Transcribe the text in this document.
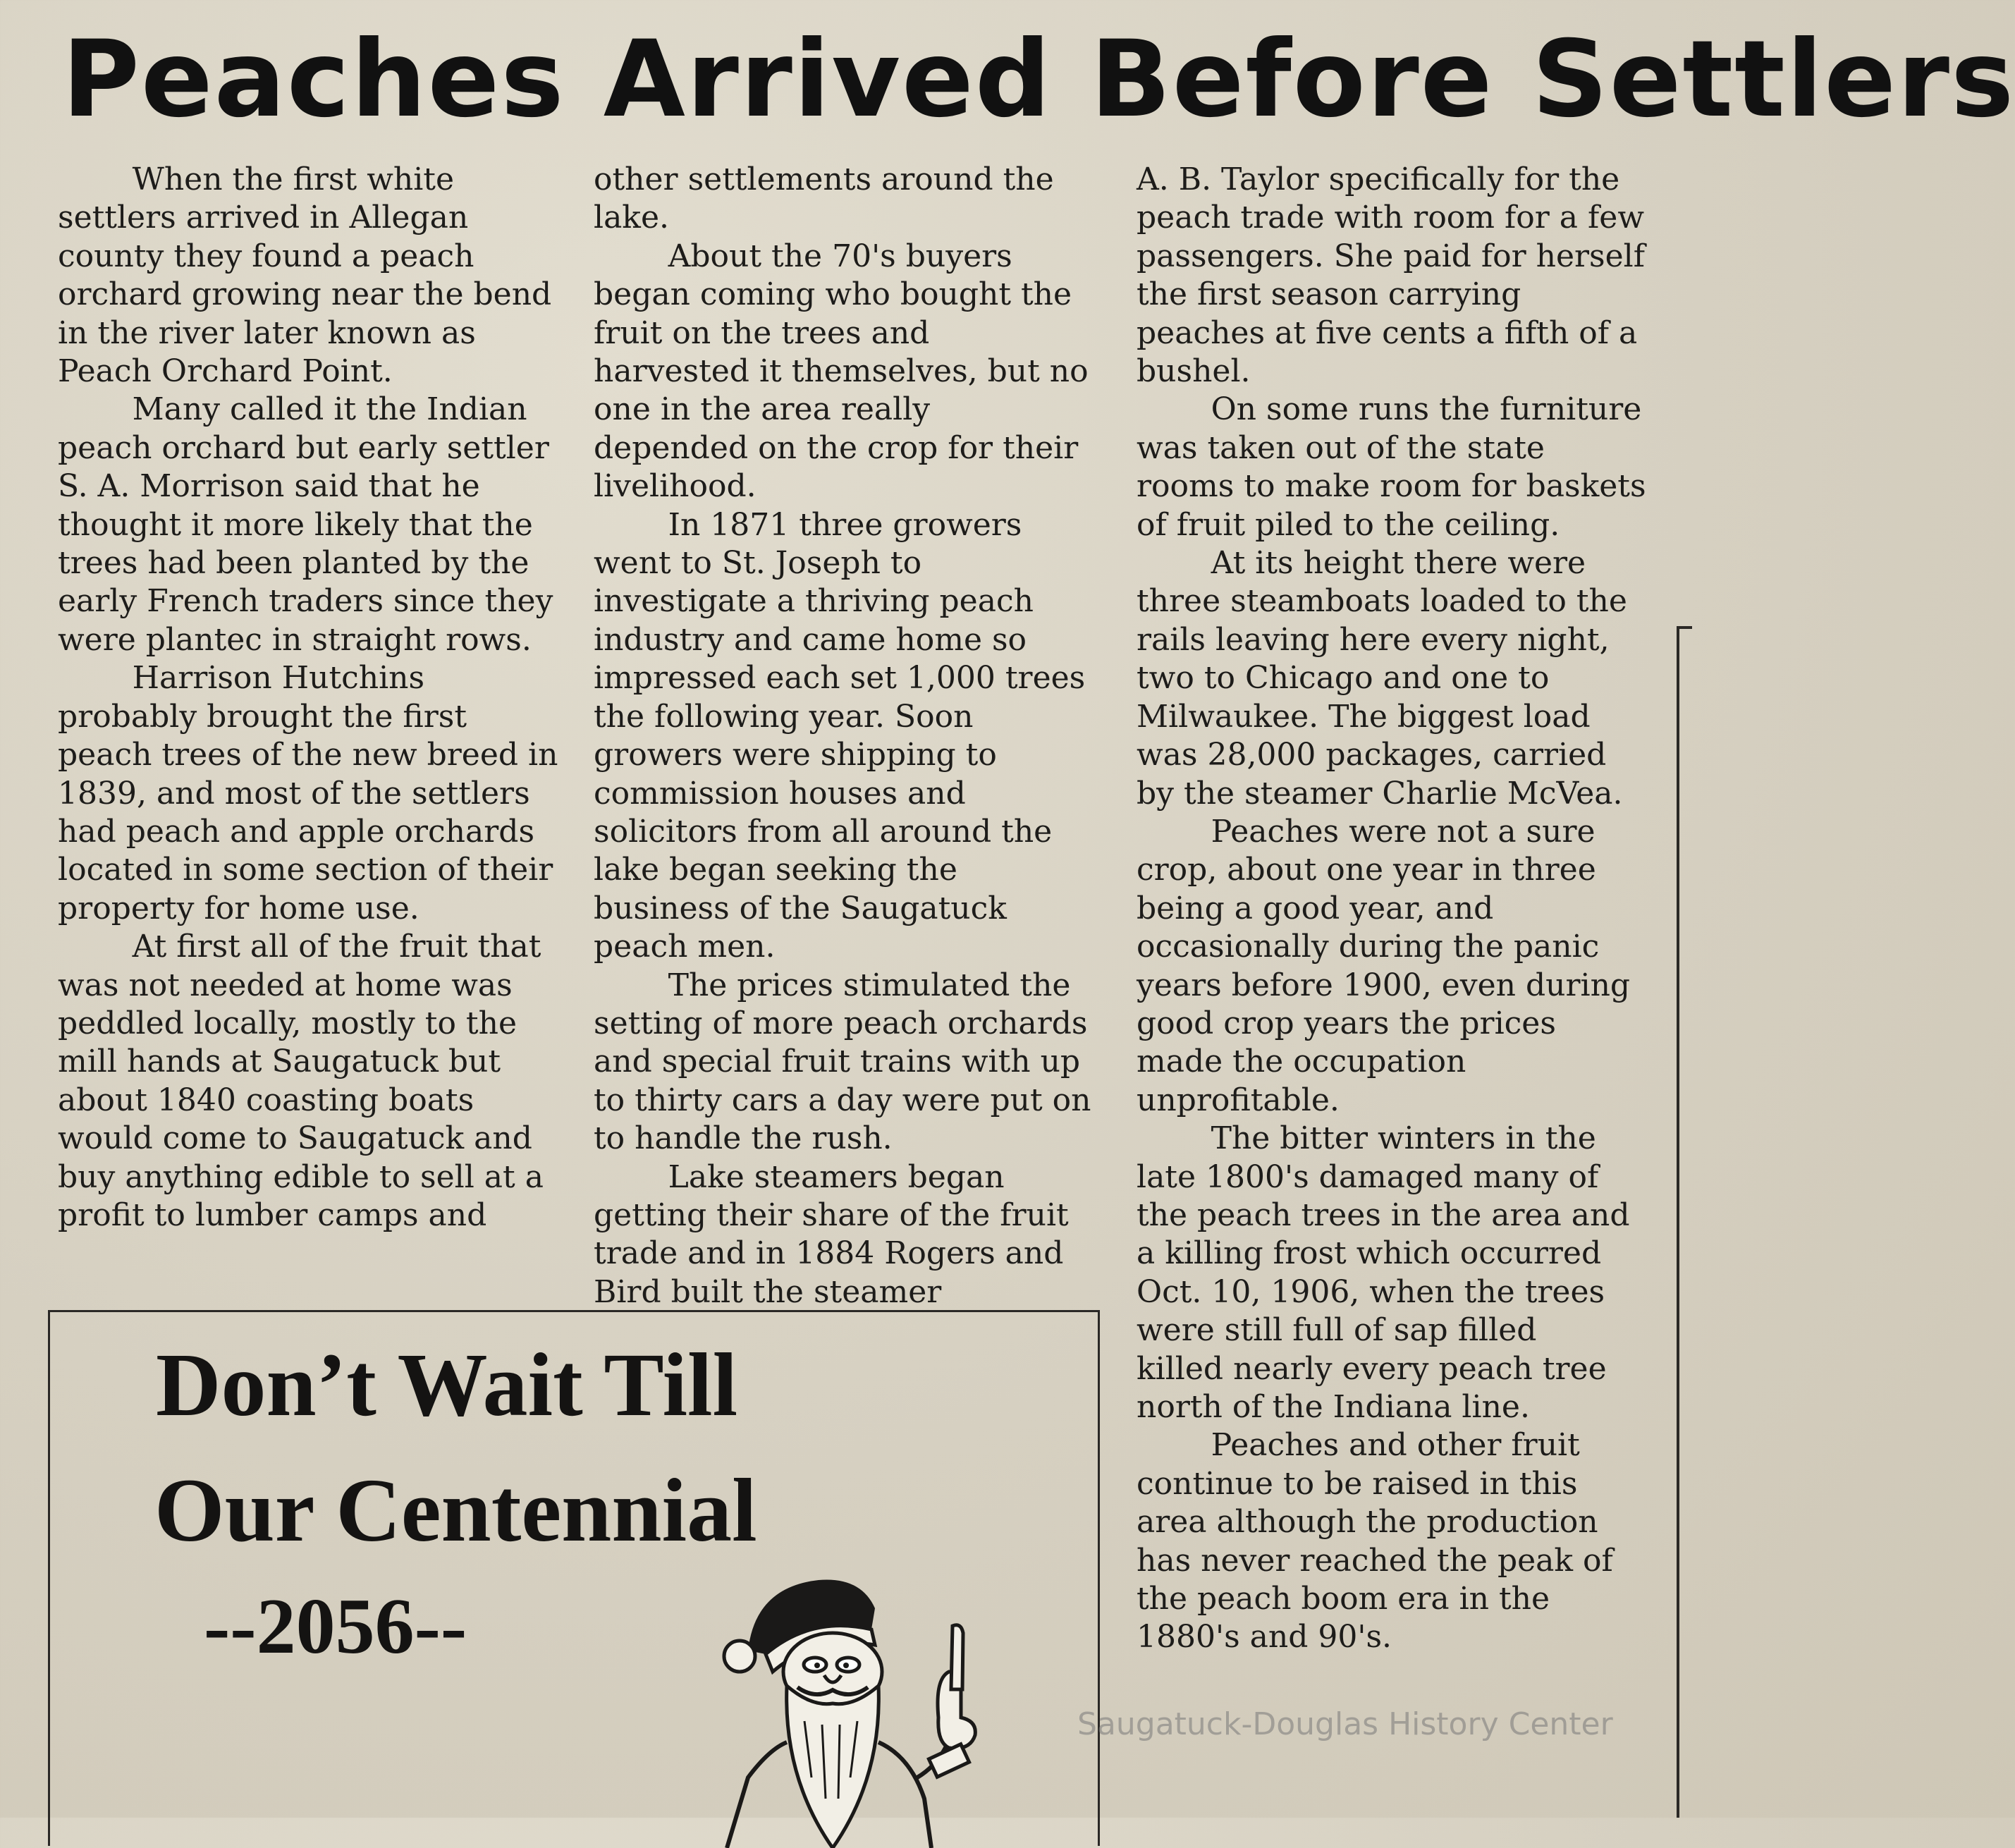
Peaches Arrived Before Settlers

When the first white settlers arrived in Allegan county they found a peach orchard growing near the bend in the river later known as Peach Orchard Point.

Many called it the Indian peach orchard but early settler S. A. Morrison said that he thought it more likely that the trees had been planted by the early French traders since they were plantec in straight rows.

Harrison Hutchins probably brought the first peach trees of the new breed in 1839, and most of the settlers had peach and apple orchards located in some section of their property for home use.

At first all of the fruit that was not needed at home was peddled locally, mostly to the mill hands at Saugatuck but about 1840 coasting boats would come to Saugatuck and buy anything edible to sell at a profit to lumber camps and

other settlements around the lake.

About the 70's buyers began coming who bought the fruit on the trees and harvested it themselves, but no one in the area really depended on the crop for their livelihood.

In 1871 three growers went to St. Joseph to investigate a thriving peach industry and came home so impressed each set 1,000 trees the following year. Soon growers were shipping to commission houses and solicitors from all around the lake began seeking the business of the Saugatuck peach men.

The prices stimulated the setting of more peach orchards and special fruit trains with up to thirty cars a day were put on to handle the rush.

Lake steamers began getting their share of the fruit trade and in 1884 Rogers and Bird built the steamer

A. B. Taylor specifically for the peach trade with room for a few passengers. She paid for herself the first season carrying peaches at five cents a fifth of a bushel.

On some runs the furniture was taken out of the state rooms to make room for baskets of fruit piled to the ceiling.

At its height there were three steamboats loaded to the rails leaving here every night, two to Chicago and one to Milwaukee. The biggest load was 28,000 packages, carried by the steamer Charlie McVea.

Peaches were not a sure crop, about one year in three being a good year, and occasionally during the panic years before 1900, even during good crop years the prices made the occupation unprofitable.

The bitter winters in the late 1800's damaged many of the peach trees in the area and a killing frost which occurred Oct. 10, 1906, when the trees were still full of sap filled

killed nearly every peach tree north of the Indiana line.

Peaches and other fruit continue to be raised in this area although the production has never reached the peak of the peach boom era in the 1880's and 90's.

Don’t Wait Till
Our Centennial
--2056--
Saugatuck-Douglas History Center
